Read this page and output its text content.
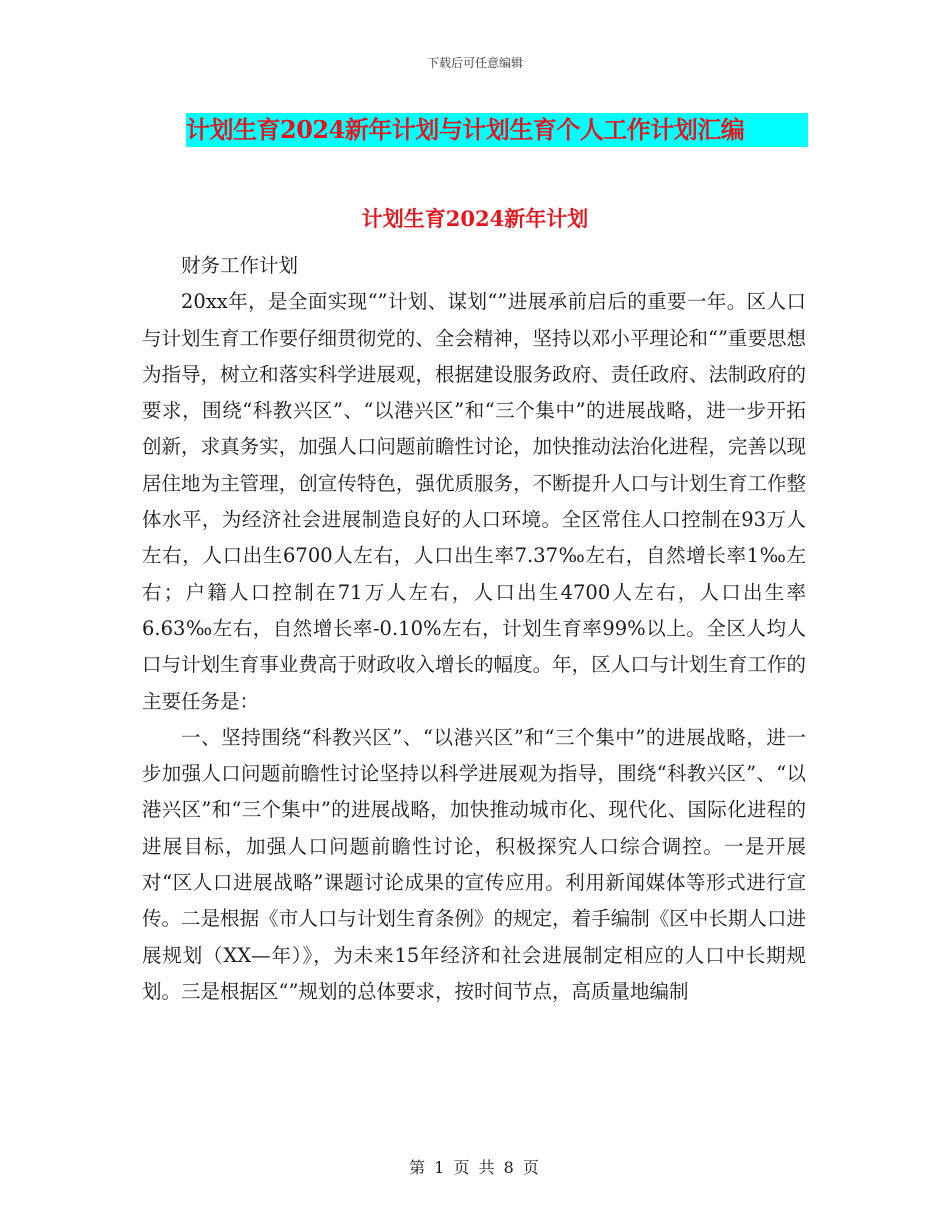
下载后可任意编辑
计划生育2024新年计划与计划生育个人工作计划汇编
计划生育2024新年计划

财务工作计划

20xx年，是全面实现“”计划、谋划“”进展承前启后的重要一年。区人口与计划生育工作要仔细贯彻党的、全会精神，坚持以邓小平理论和“”重要思想为指导，树立和落实科学进展观，根据建设服务政府、责任政府、法制政府的要求，围绕“科教兴区”、“以港兴区”和“三个集中”的进展战略，进一步开拓创新，求真务实，加强人口问题前瞻性讨论，加快推动法治化进程，完善以现居住地为主管理，创宣传特色，强优质服务，不断提升人口与计划生育工作整体水平，为经济社会进展制造良好的人口环境。全区常住人口控制在93万人左右，人口出生6700人左右，人口出生率7.37‰左右，自然增长率1‰左右；户籍人口控制在71万人左右，人口出生4700人左右，人口出生率6.63‰左右，自然增长率-0.10%左右，计划生育率99%以上。全区人均人口与计划生育事业费高于财政收入增长的幅度。年，区人口与计划生育工作的主要任务是：

一、坚持围绕“科教兴区”、“以港兴区”和“三个集中”的进展战略，进一步加强人口问题前瞻性讨论坚持以科学进展观为指导，围绕“科教兴区”、“以港兴区”和“三个集中”的进展战略，加快推动城市化、现代化、国际化进程的进展目标，加强人口问题前瞻性讨论，积极探究人口综合调控。一是开展对“区人口进展战略”课题讨论成果的宣传应用。利用新闻媒体等形式进行宣传。二是根据《市人口与计划生育条例》的规定，着手编制《区中长期人口进展规划（XX—年）》，为未来15年经济和社会进展制定相应的人口中长期规划。三是根据区“”规划的总体要求，按时间节点，高质量地编制

第 1 页 共 8 页
